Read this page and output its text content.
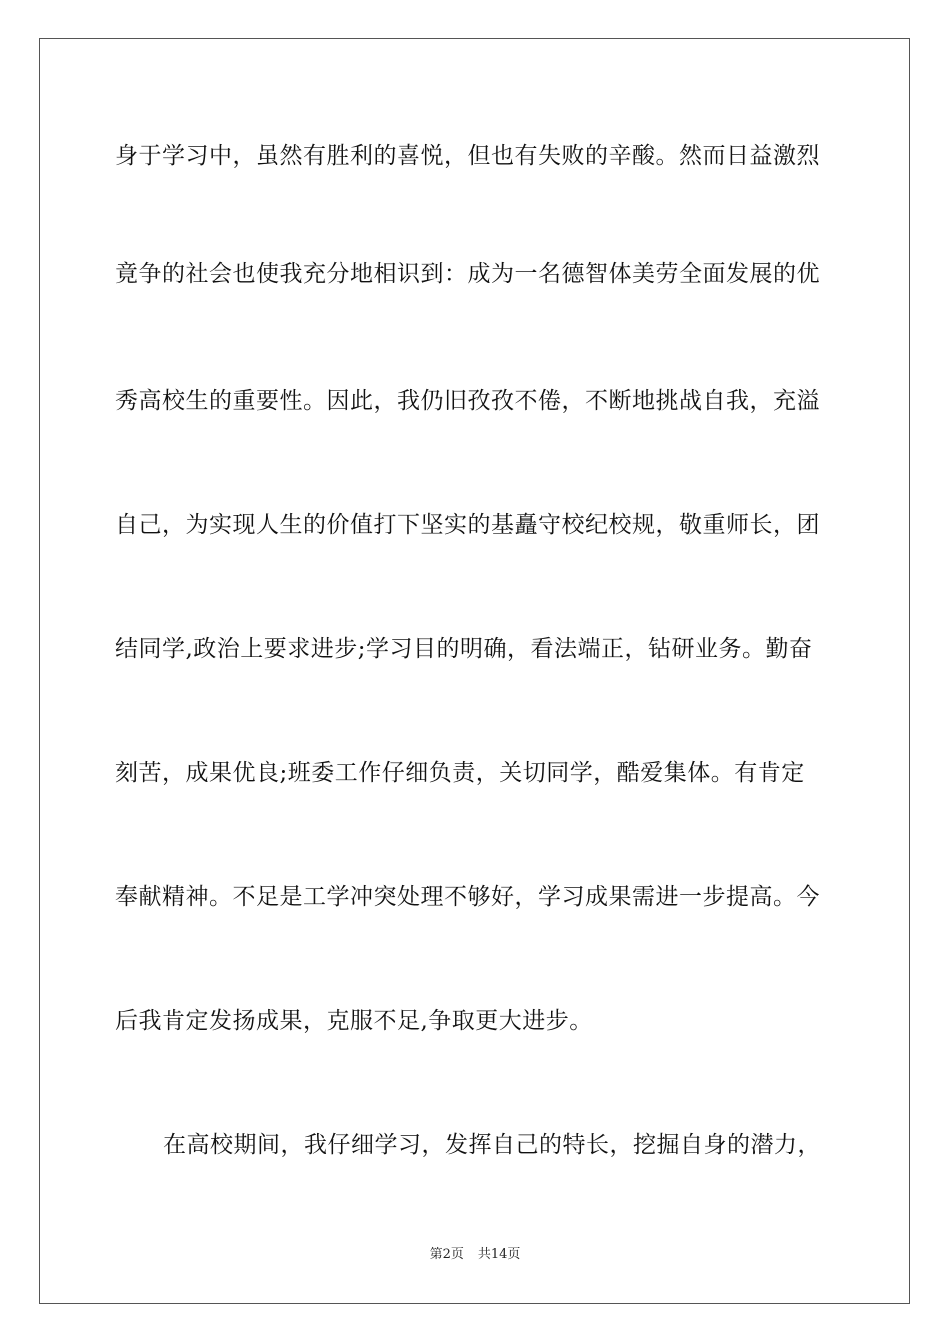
身于学习中，虽然有胜利的喜悦，但也有失败的辛酸。然而日益激烈
竟争的社会也使我充分地相识到：成为一名德智体美劳全面发展的优
秀高校生的重要性。因此，我仍旧孜孜不倦，不断地挑战自我，充溢
自己，为实现人生的价值打下坚实的基矗守校纪校规，敬重师长，团
结同学,政治上要求进步;学习目的明确，看法端正，钻研业务。勤奋
刻苦，成果优良;班委工作仔细负责，关切同学，酷爱集体。有肯定
奉献精神。不足是工学冲突处理不够好，学习成果需进一步提高。今
后我肯定发扬成果，克服不足,争取更大进步。
在高校期间，我仔细学习，发挥自己的特长，挖掘自身的潜力，
第2页 共14页
